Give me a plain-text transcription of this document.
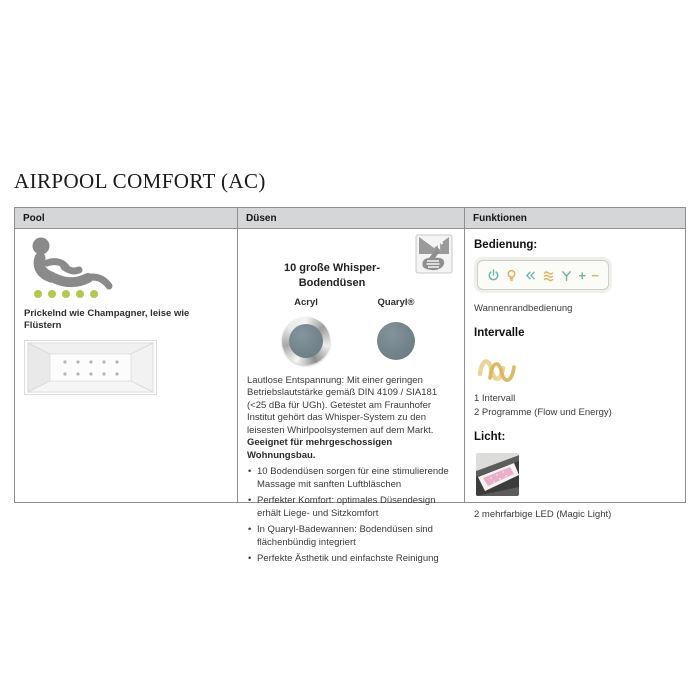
AIRPOOL COMFORT (AC)
Pool	Düsen	Funktionen
Prickelnd wie Champagner, leise wie Flüstern
10 große Whisper-Bodendüsen
Acryl	Quaryl®
Lautlose Entspannung: Mit einer geringen Betriebslautstärke gemäß DIN 4109 / SIA181 (<25 dBa für UGh). Getestet am Fraunhofer Institut gehört das Whisper-System zu den leisesten Whirlpoolsystemen auf dem Markt. Geeignet für mehrgeschossigen Wohnungsbau.
• 10 Bodendüsen sorgen für eine stimulierende Massage mit sanften Luftbläschen
• Perfekter Komfort: optimales Düsendesign erhält Liege- und Sitzkomfort
• In Quaryl-Badewannen: Bodendüsen sind flächenbündig integriert
• Perfekte Ästhetik und einfachste Reinigung
Bedienung:
+ −
Wannenrandbedienung
Intervalle
1 Intervall
2 Programme (Flow und Energy)
Licht:
2 mehrfarbige LED (Magic Light)
